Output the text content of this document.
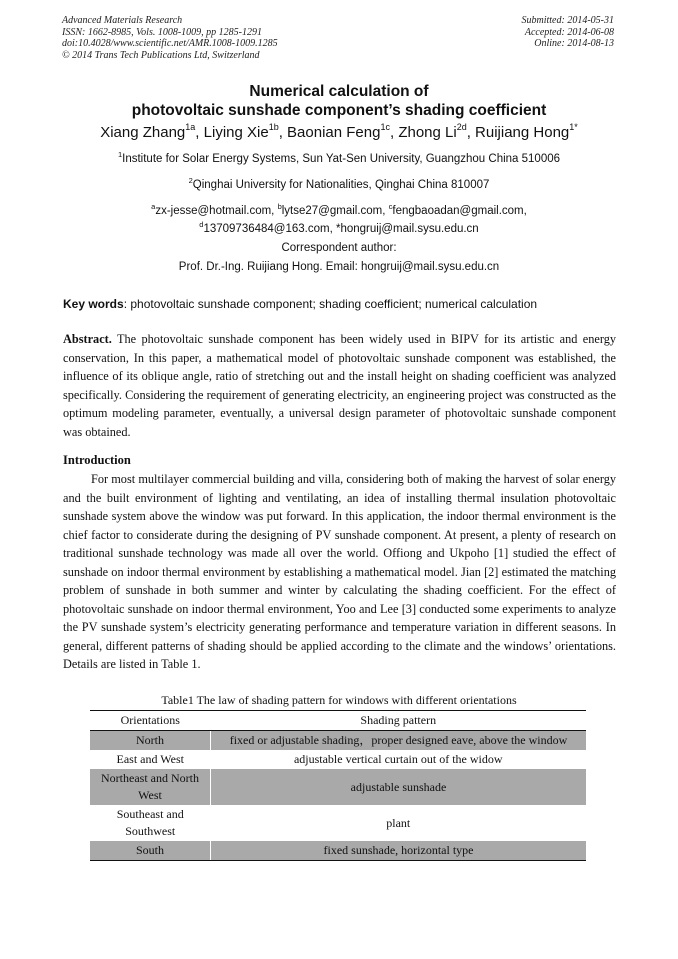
Advanced Materials Research
ISSN: 1662-8985, Vols. 1008-1009, pp 1285-1291
doi:10.4028/www.scientific.net/AMR.1008-1009.1285
© 2014 Trans Tech Publications Ltd, Switzerland
Submitted: 2014-05-31
Accepted: 2014-06-08
Online: 2014-08-13
Numerical calculation of
photovoltaic sunshade component’s shading coefficient
Xiang Zhang$^{1a}$, Liying Xie$^{1b}$, Baonian Feng$^{1c}$, Zhong $Li^{2d}$, Ruijiang Hong$^{1*}$
$^1$Institute for Solar Energy Systems, Sun Yat-Sen University, Guangzhou China 510006
$^2$Qinghai University for Nationalities, Qinghai China 810007
$^a$zx-jesse@hotmail.com, $^b$lytse27@gmail.com, $^c$fengbaoadan@gmail.com,
$^d$13709736484@163.com, *hongruij@mail.sysu.edu.cn
Correspondent author:
Prof. Dr.-Ing. Ruijiang Hong. Email: hongruij@mail.sysu.edu.cn
Key words: photovoltaic sunshade component; shading coefficient; numerical calculation
Abstract. The photovoltaic sunshade component has been widely used in BIPV for its artistic and energy conservation, In this paper, a mathematical model of photovoltaic sunshade component was established, the influence of its oblique angle, ratio of stretching out and the install height on shading coefficient was analyzed specifically. Considering the requirement of generating electricity, an engineering project was constructed as the optimum modeling parameter, eventually, a universal design parameter of photovoltaic sunshade component was obtained.
Introduction
For most multilayer commercial building and villa, considering both of making the harvest of solar energy and the built environment of lighting and ventilating, an idea of installing thermal insulation photovoltaic sunshade system above the window was put forward. In this application, the indoor thermal environment is the chief factor to considerate during the designing of PV sunshade component. At present, a plenty of research on traditional sunshade technology was made all over the world. Offiong and Ukpoho [1] studied the effect of sunshade on indoor thermal environment by establishing a mathematical model. Jian [2] estimated the matching problem of sunshade in both summer and winter by calculating the shading coefficient. For the effect of photovoltaic sunshade on indoor thermal environment, Yoo and Lee [3] conducted some experiments to analyze the PV sunshade system’s electricity generating performance and temperature variation in different seasons. In general, different patterns of shading should be applied according to the climate and the windows’ orientations. Details are listed in Table 1.
Table1 The law of shading pattern for windows with different orientations
Orientations	Shading pattern
North	fixed or adjustable shading，proper designed eave, above the window
East and West	adjustable vertical curtain out of the widow
Northeast and North West	adjustable sunshade
Southeast and Southwest	plant
South	fixed sunshade, horizontal type
